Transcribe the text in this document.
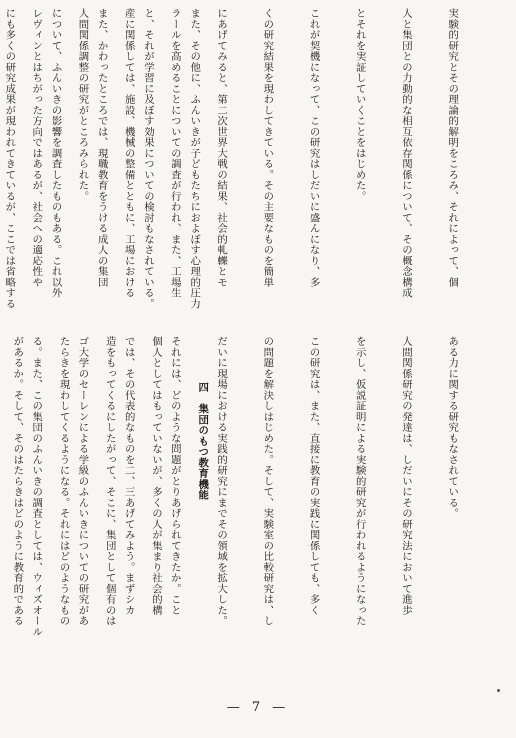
実験的研究とその理論的解明をころみ、それによって、個

人と集団との力動的な相互依存関係について、その概念構成

とそれを実証していくことをはじめた。

これが契機になって、この研究はしだいに盛んになり、多

くの研究結果を現わしてきている。その主要なものを簡単

にあげてみると、第二次世界大戦の結果、社会的軋轢とモ

ラールを高めることについての調査が行われ、また、工場生

産に関係しては、施設、機械の整備とともに、工場における

人間関係調整の研究がところみられた。

レヴィンとはちがった方向ではあるが、社会への適応性や

ある力に関する研究もなされている。

人間関係研究の発達は、しだいにその研究法において進歩

を示し、仮説証明による実験的研究が行われるようになった

この研究は、また、直接に教育の実践に関係しても、多く

の問題を解決しはじめた。そして、実験室の比較研究は、し

だいに現場における実践的研究にまでその領域を拡大した。

それには、どのような問題がとりあげられてきたか。こと

では、その代表的なものを二、三あげてみよう。まずシカ

ゴ大学のセーレンによる学級のふんいきについての研究があ

る。また、この集団のふんいきの調査としては、ウィズオール

また、その他に、ふんいきが子どもたちにおよぼす心理的圧力

と、それが学習に及ぼす効果についての検討もなされている。

また、かわったところでは、現職教育をうける成人の集団

について、ふんいきの影響を調査したものもある。これ以外

にも多くの研究成果が現われてきているが、ここでは省略する

四　集団のもつ教育機能

個人としてはもっていないが、多くの人が集まり社会的構

造をもってくるにしたがって、そこに、集団として個有のは

たらきを現わしてくるようになる。それにはどのようなもの

があるか。そして、そのはたらきはどのように教育的である

— 7 —
